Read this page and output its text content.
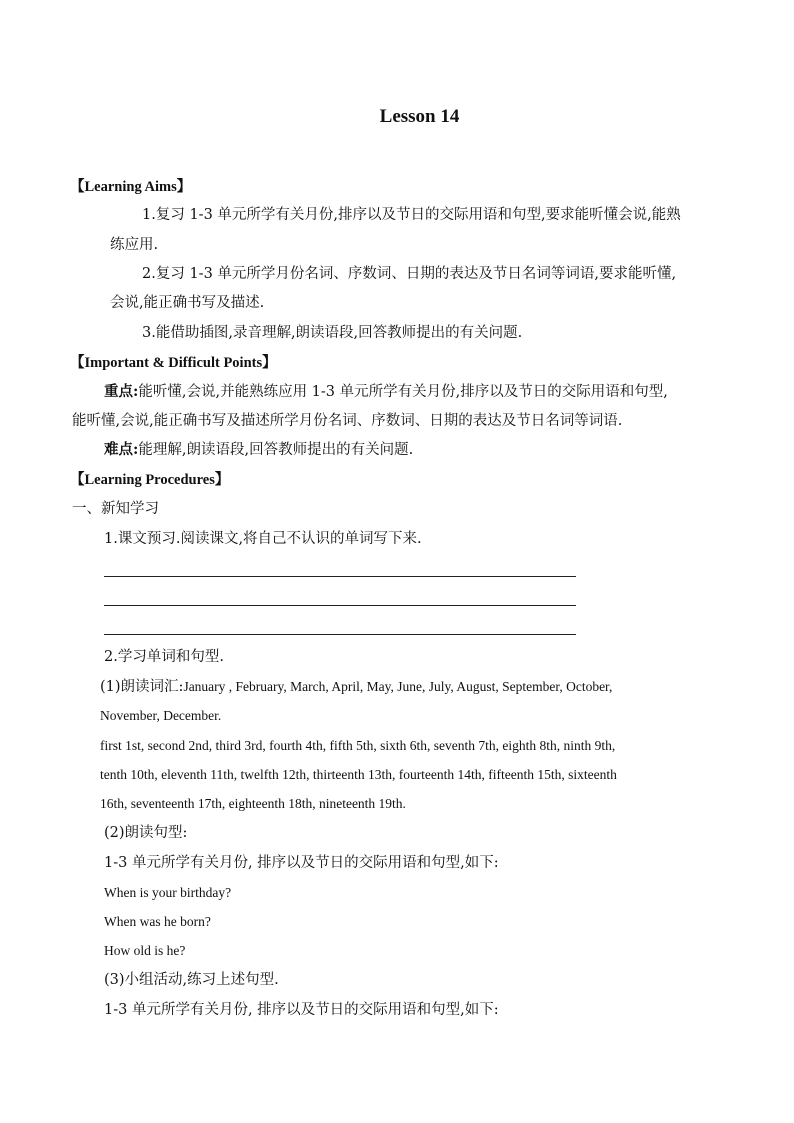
Lesson 14
【Learning Aims】
1.复习 1-3 单元所学有关月份,排序以及节日的交际用语和句型,要求能听懂会说,能熟
练应用.
2.复习 1-3 单元所学月份名词、序数词、日期的表达及节日名词等词语,要求能听懂,
会说,能正确书写及描述.
3.能借助插图,录音理解,朗读语段,回答教师提出的有关问题.
【Important & Difficult Points】
重点:能听懂,会说,并能熟练应用 1-3 单元所学有关月份,排序以及节日的交际用语和句型,
能听懂,会说,能正确书写及描述所学月份名词、序数词、日期的表达及节日名词等词语.
难点:能理解,朗读语段,回答教师提出的有关问题.
【Learning Procedures】
一、新知学习
1.课文预习.阅读课文,将自己不认识的单词写下来.
2.学习单词和句型.
(1)朗读词汇:January , February, March, April, May, June, July, August, September, October,
November, December.
first 1st, second 2nd, third 3rd, fourth 4th, fifth 5th, sixth 6th, seventh 7th, eighth 8th, ninth 9th,
tenth 10th, eleventh 11th, twelfth 12th, thirteenth 13th, fourteenth 14th, fifteenth 15th, sixteenth
16th, seventeenth 17th, eighteenth 18th, nineteenth 19th.
(2)朗读句型:
1-3 单元所学有关月份, 排序以及节日的交际用语和句型,如下:
When is your birthday?
When was he born?
How old is he?
(3)小组活动,练习上述句型.
1-3 单元所学有关月份, 排序以及节日的交际用语和句型,如下:
